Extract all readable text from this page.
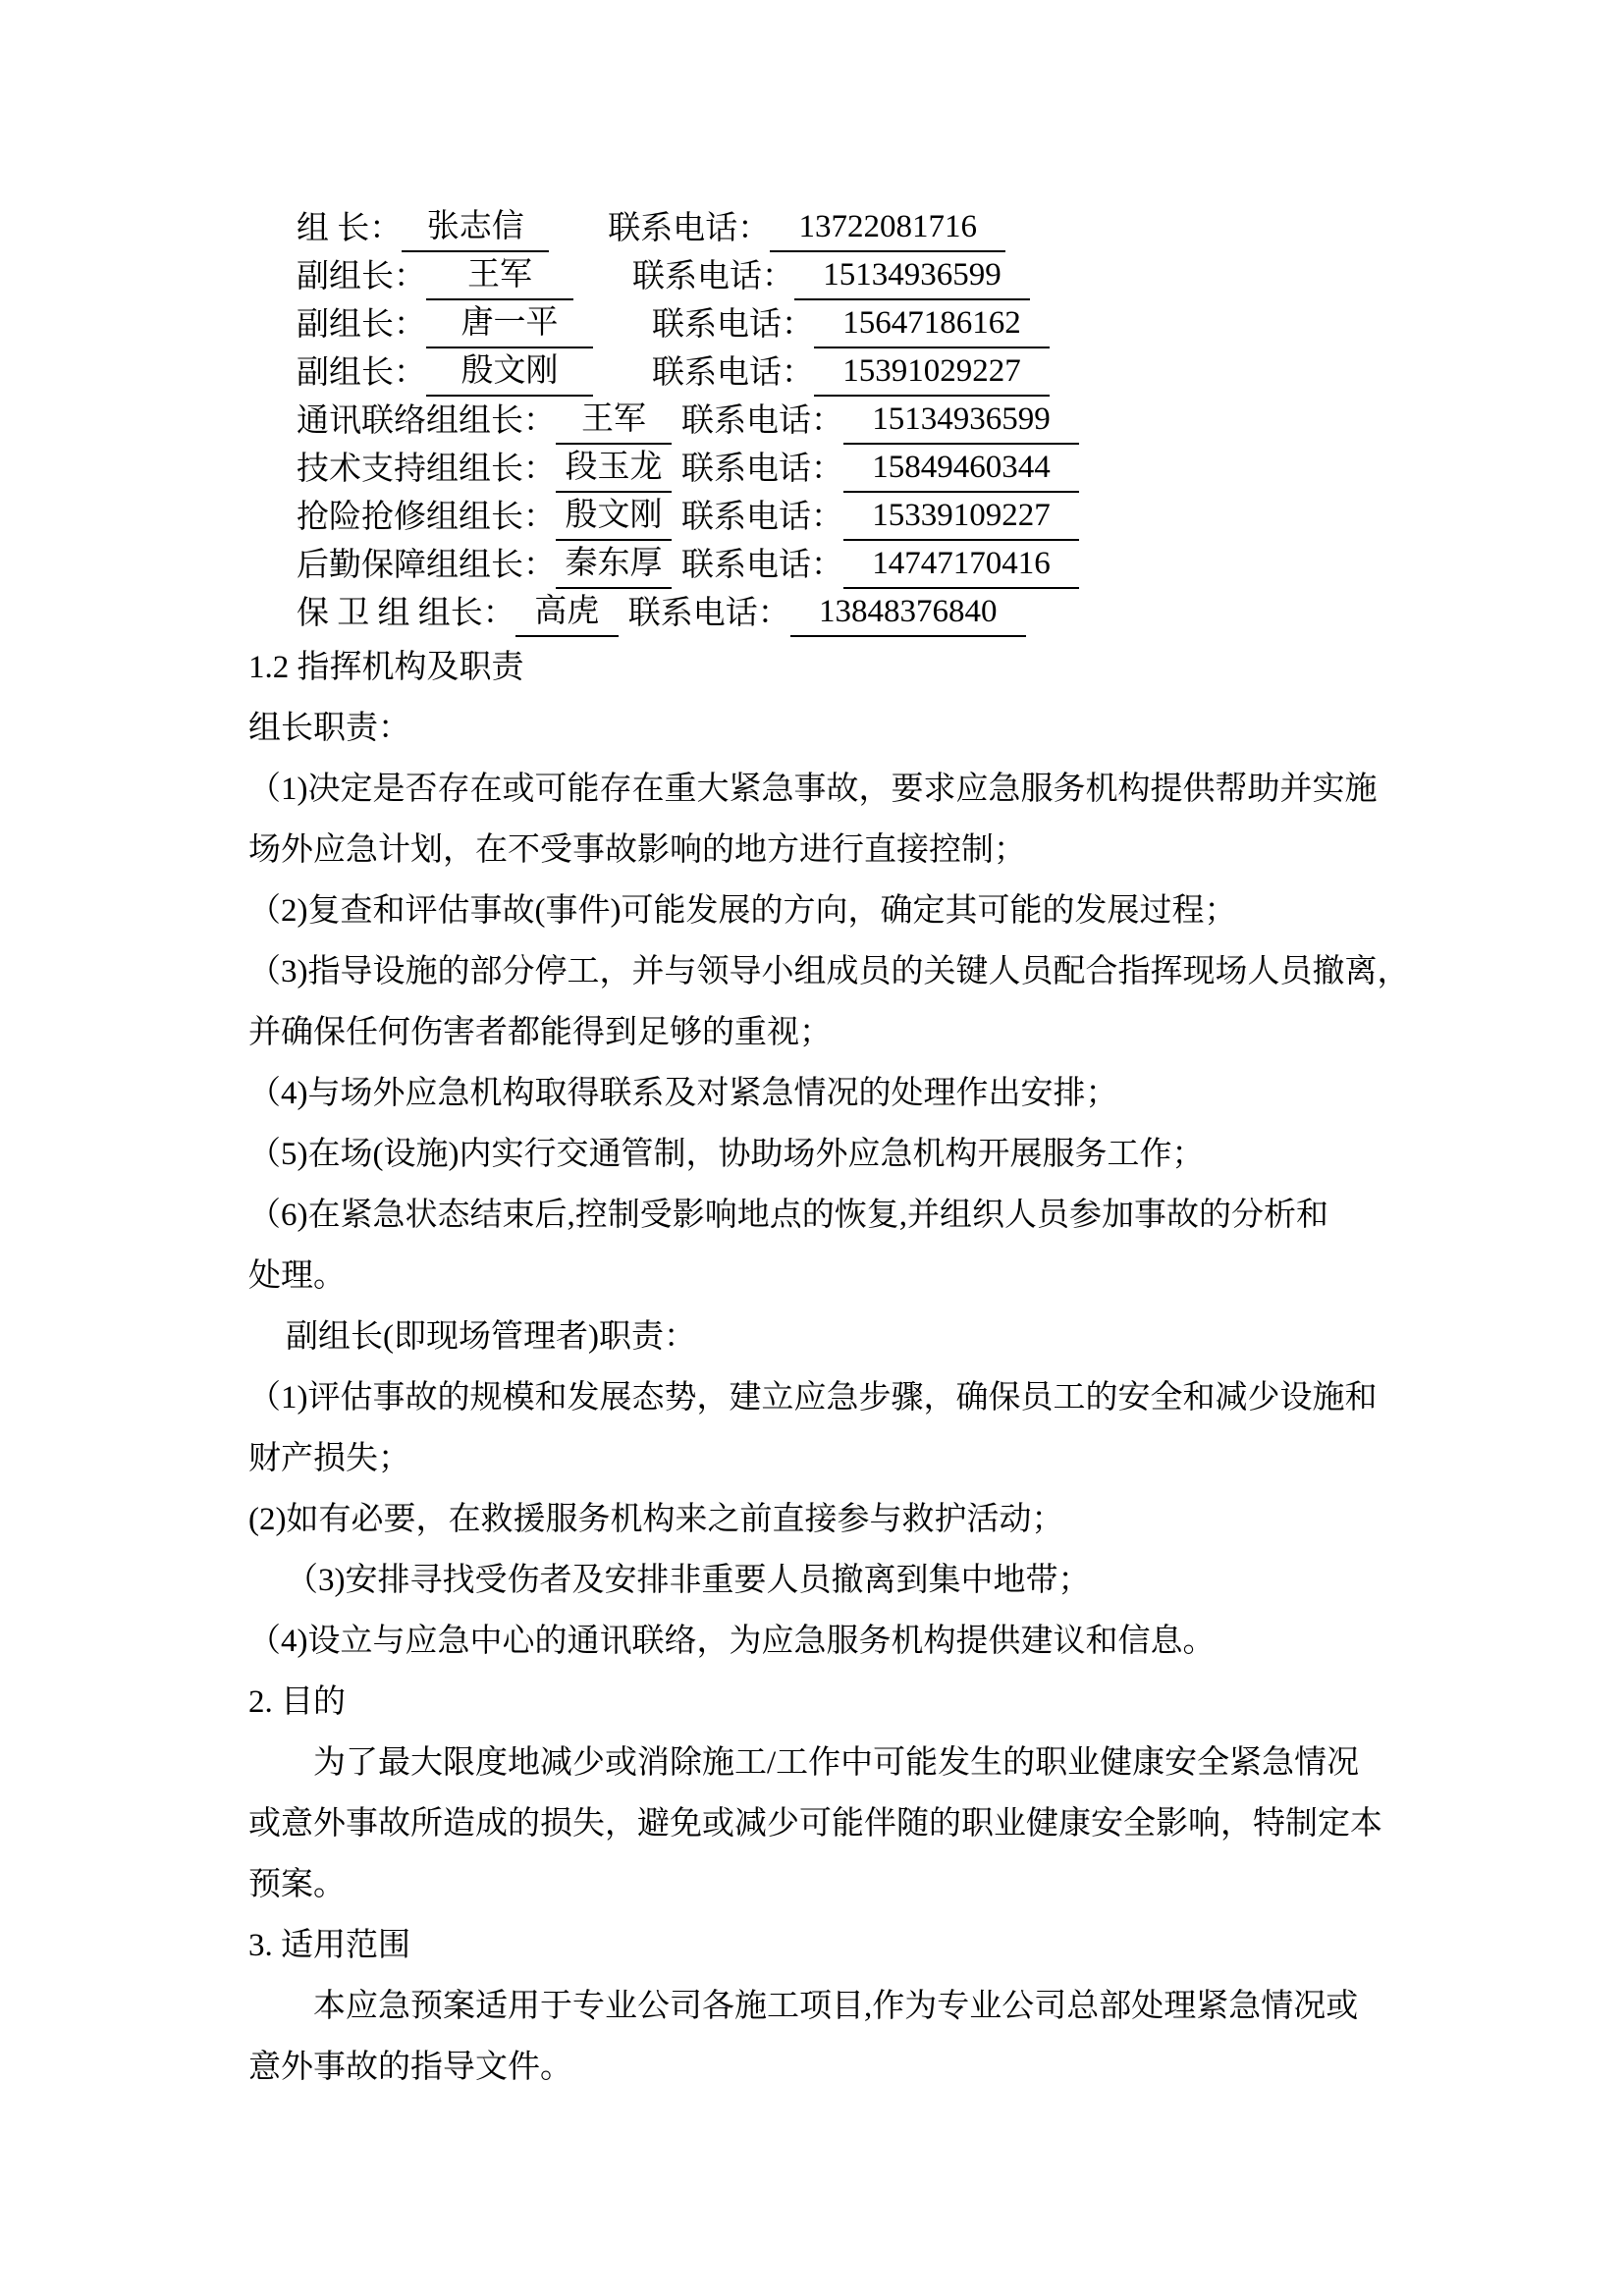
组 长： 张志信	联系电话： 13722081716
副组长： 王军	联系电话： 15134936599
副组长： 唐一平	联系电话： 15647186162
副组长： 殷文刚	联系电话： 15391029227
通讯联络组组长： 王军 联系电话： 15134936599
技术支持组组长： 段玉龙 联系电话： 15849460344
抢险抢修组组长： 殷文刚 联系电话： 15339109227
后勤保障组组长： 秦东厚 联系电话： 14747170416
保 卫 组 组长： 高虎 联系电话： 13848376840
1.2 指挥机构及职责
组长职责：
（1)决定是否存在或可能存在重大紧急事故，要求应急服务机构提供帮助并实施
场外应急计划，在不受事故影响的地方进行直接控制；
（2)复查和评估事故(事件)可能发展的方向，确定其可能的发展过程；
（3)指导设施的部分停工，并与领导小组成员的关键人员配合指挥现场人员撤离，
并确保任何伤害者都能得到足够的重视；
（4)与场外应急机构取得联系及对紧急情况的处理作出安排；
（5)在场(设施)内实行交通管制，协助场外应急机构开展服务工作；
（6)在紧急状态结束后,控制受影响地点的恢复,并组织人员参加事故的分析和
处理。
副组长(即现场管理者)职责：
（1)评估事故的规模和发展态势，建立应急步骤，确保员工的安全和减少设施和
财产损失；
(2)如有必要，在救援服务机构来之前直接参与救护活动；
（3)安排寻找受伤者及安排非重要人员撤离到集中地带；
（4)设立与应急中心的通讯联络，为应急服务机构提供建议和信息。
2. 目的
为了最大限度地减少或消除施工/工作中可能发生的职业健康安全紧急情况
或意外事故所造成的损失，避免或减少可能伴随的职业健康安全影响，特制定本
预案。
3. 适用范围
本应急预案适用于专业公司各施工项目,作为专业公司总部处理紧急情况或
意外事故的指导文件。
